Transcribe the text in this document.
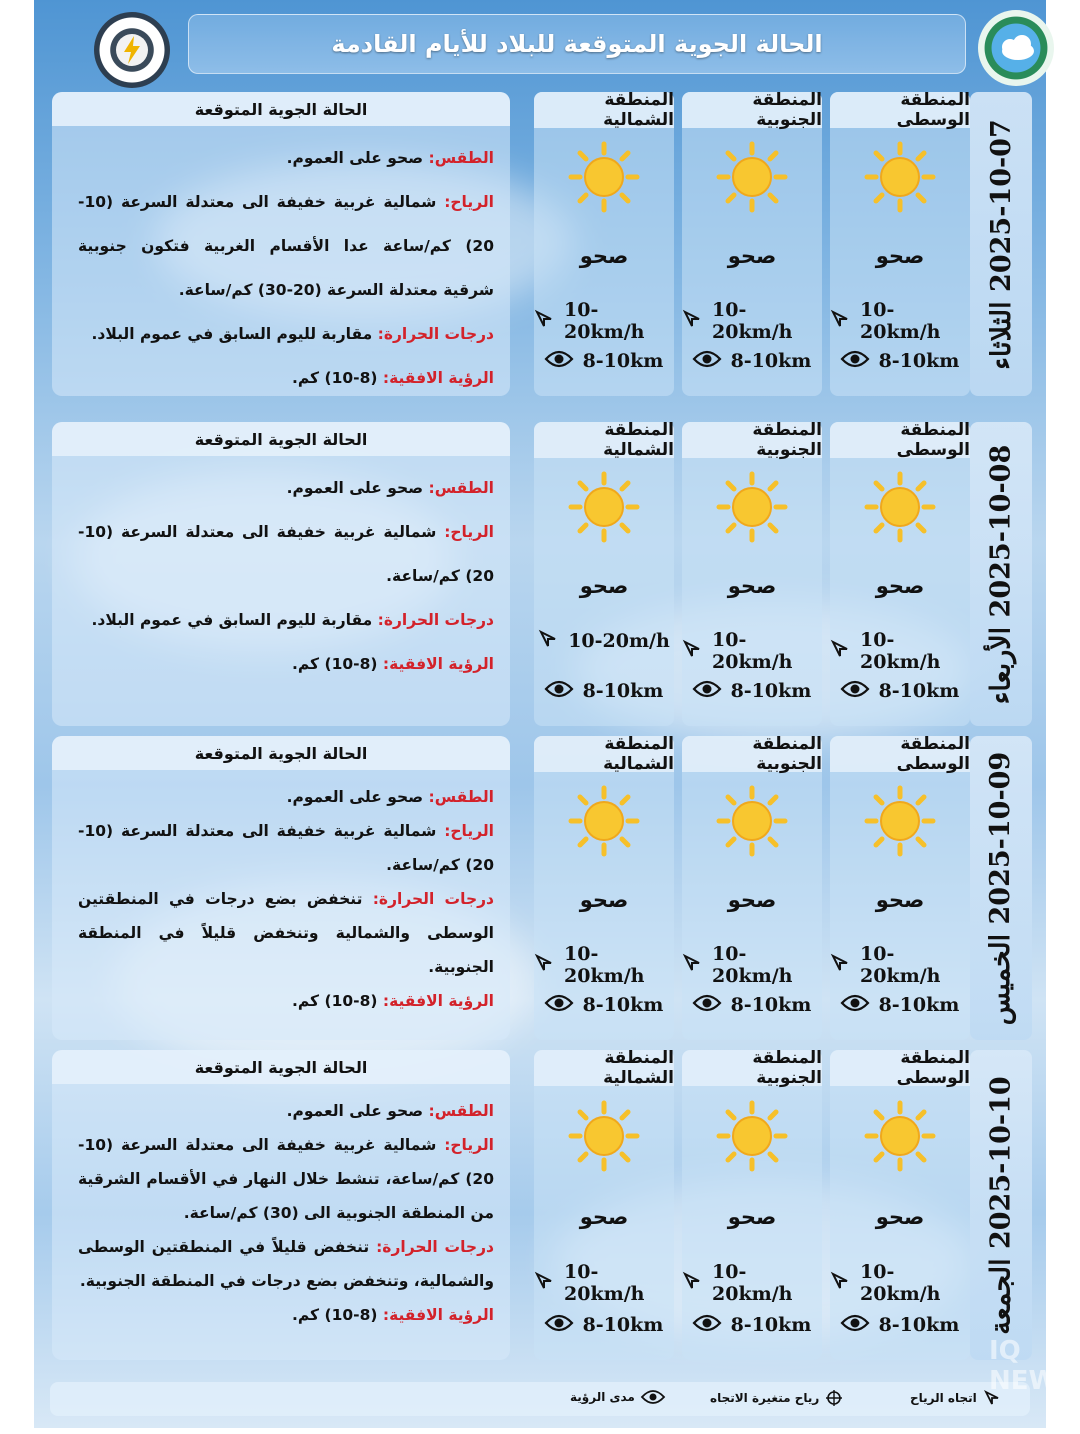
الحالة الجوية المتوقعة للبلاد للأيام القادمة
2025-10-07 الثلاثاء
المنطقة الوسطى
صحو
10-20km/h
8-10km
المنطقة الجنوبية
صحو
10-20km/h
8-10km
المنطقة الشمالية
صحو
10-20km/h
8-10km
الحالة الجوية المتوقعة

الطقس: صحو على العموم.

الرياح: شمالية غربية خفيفة الى معتدلة السرعة (10-20) كم/ساعة عدا الأقسام الغربية فتكون جنوبية شرقية معتدلة السرعة (20-30) كم/ساعة.

درجات الحرارة: مقاربة لليوم السابق في عموم البلاد.

الرؤية الافقية: (8-10) كم.

2025-10-08 الأربعاء
المنطقة الوسطى
صحو
10-20km/h
8-10km
المنطقة الجنوبية
صحو
10-20km/h
8-10km
المنطقة الشمالية
صحو
10-20m/h
8-10km
الحالة الجوية المتوقعة

الطقس: صحو على العموم.

الرياح: شمالية غربية خفيفة الى معتدلة السرعة (10-20) كم/ساعة.

درجات الحرارة: مقاربة لليوم السابق في عموم البلاد.

الرؤية الافقية: (8-10) كم.

2025-10-09 الخميس
المنطقة الوسطى
صحو
10-20km/h
8-10km
المنطقة الجنوبية
صحو
10-20km/h
8-10km
المنطقة الشمالية
صحو
10-20km/h
8-10km
الحالة الجوية المتوقعة

الطقس: صحو على العموم.

الرياح: شمالية غربية خفيفة الى معتدلة السرعة (10-20) كم/ساعة.

درجات الحرارة: تنخفض بضع درجات في المنطقتين الوسطى والشمالية وتنخفض قليلاً في المنطقة الجنوبية.

الرؤية الافقية: (8-10) كم.

2025-10-10 الجمعة
المنطقة الوسطى
صحو
10-20km/h
8-10km
المنطقة الجنوبية
صحو
10-20km/h
8-10km
المنطقة الشمالية
صحو
10-20km/h
8-10km
الحالة الجوية المتوقعة

الطقس: صحو على العموم.

الرياح: شمالية غربية خفيفة الى معتدلة السرعة (10-20) كم/ساعة، تنشط خلال النهار في الأقسام الشرقية من المنطقة الجنوبية الى (30) كم/ساعة.

درجات الحرارة: تنخفض قليلاً في المنطقتين الوسطى والشمالية، وتنخفض بضع درجات في المنطقة الجنوبية.

الرؤية الافقية: (8-10) كم.

اتجاه الرياح
رياح متغيرة الاتجاه
مدى الرؤية
IQ NEWS
